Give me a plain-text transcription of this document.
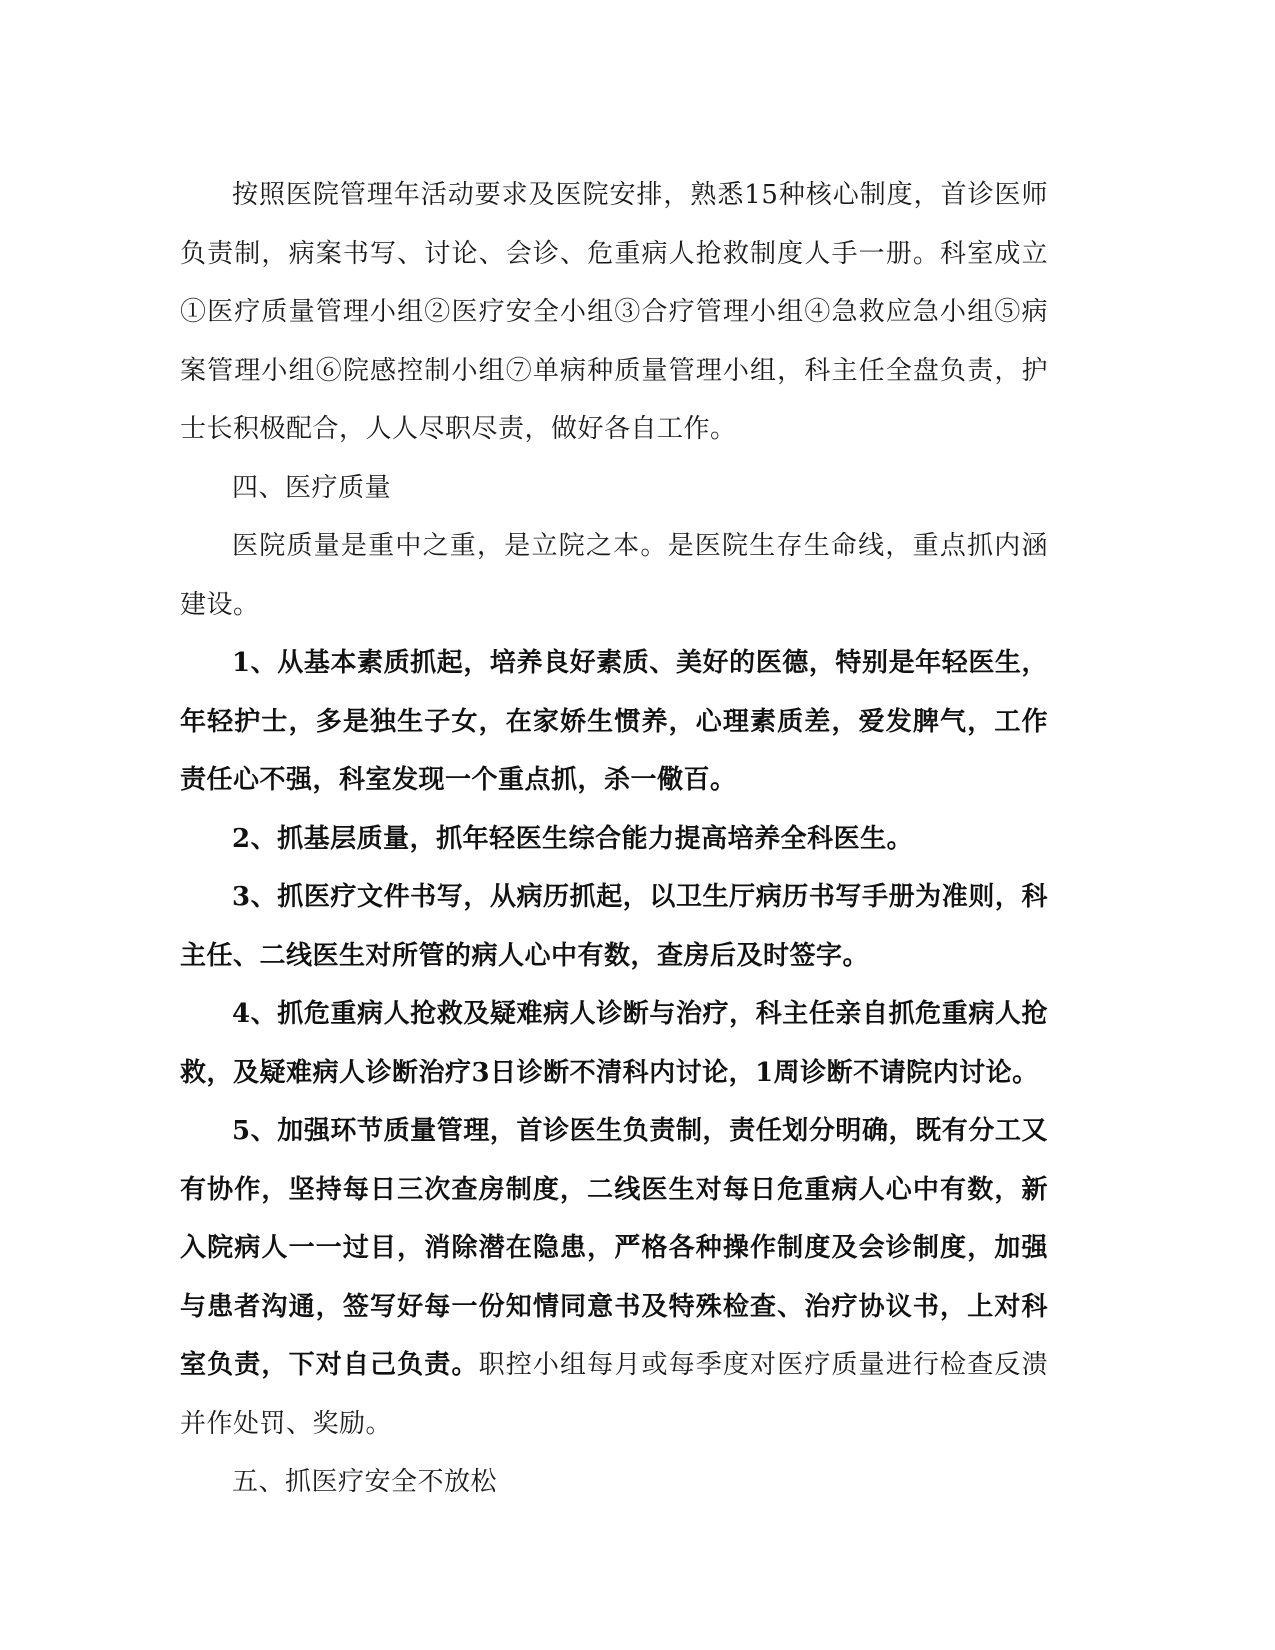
按照医院管理年活动要求及医院安排，熟悉15种核心制度，首诊医师负责制，病案书写、讨论、会诊、危重病人抢救制度人手一册。科室成立①医疗质量管理小组②医疗安全小组③合疗管理小组④急救应急小组⑤病案管理小组⑥院感控制小组⑦单病种质量管理小组，科主任全盘负责，护士长积极配合，人人尽职尽责，做好各自工作。

四、医疗质量

医院质量是重中之重，是立院之本。是医院生存生命线，重点抓内涵建设。

1、从基本素质抓起，培养良好素质、美好的医德，特别是年轻医生，年轻护士，多是独生子女，在家娇生惯养，心理素质差，爱发脾气，工作责任心不强，科室发现一个重点抓，杀一儆百。

2、抓基层质量，抓年轻医生综合能力提高培养全科医生。

3、抓医疗文件书写，从病历抓起，以卫生厅病历书写手册为准则，科主任、二线医生对所管的病人心中有数，查房后及时签字。

4、抓危重病人抢救及疑难病人诊断与治疗，科主任亲自抓危重病人抢救，及疑难病人诊断治疗3日诊断不清科内讨论，1周诊断不请院内讨论。

5、加强环节质量管理，首诊医生负责制，责任划分明确，既有分工又有协作，坚持每日三次查房制度，二线医生对每日危重病人心中有数，新入院病人一一过目，消除潜在隐患，严格各种操作制度及会诊制度，加强与患者沟通，签写好每一份知情同意书及特殊检查、治疗协议书，上对科室负责，下对自己负责。职控小组每月或每季度对医疗质量进行检查反溃并作处罚、奖励。

五、抓医疗安全不放松
